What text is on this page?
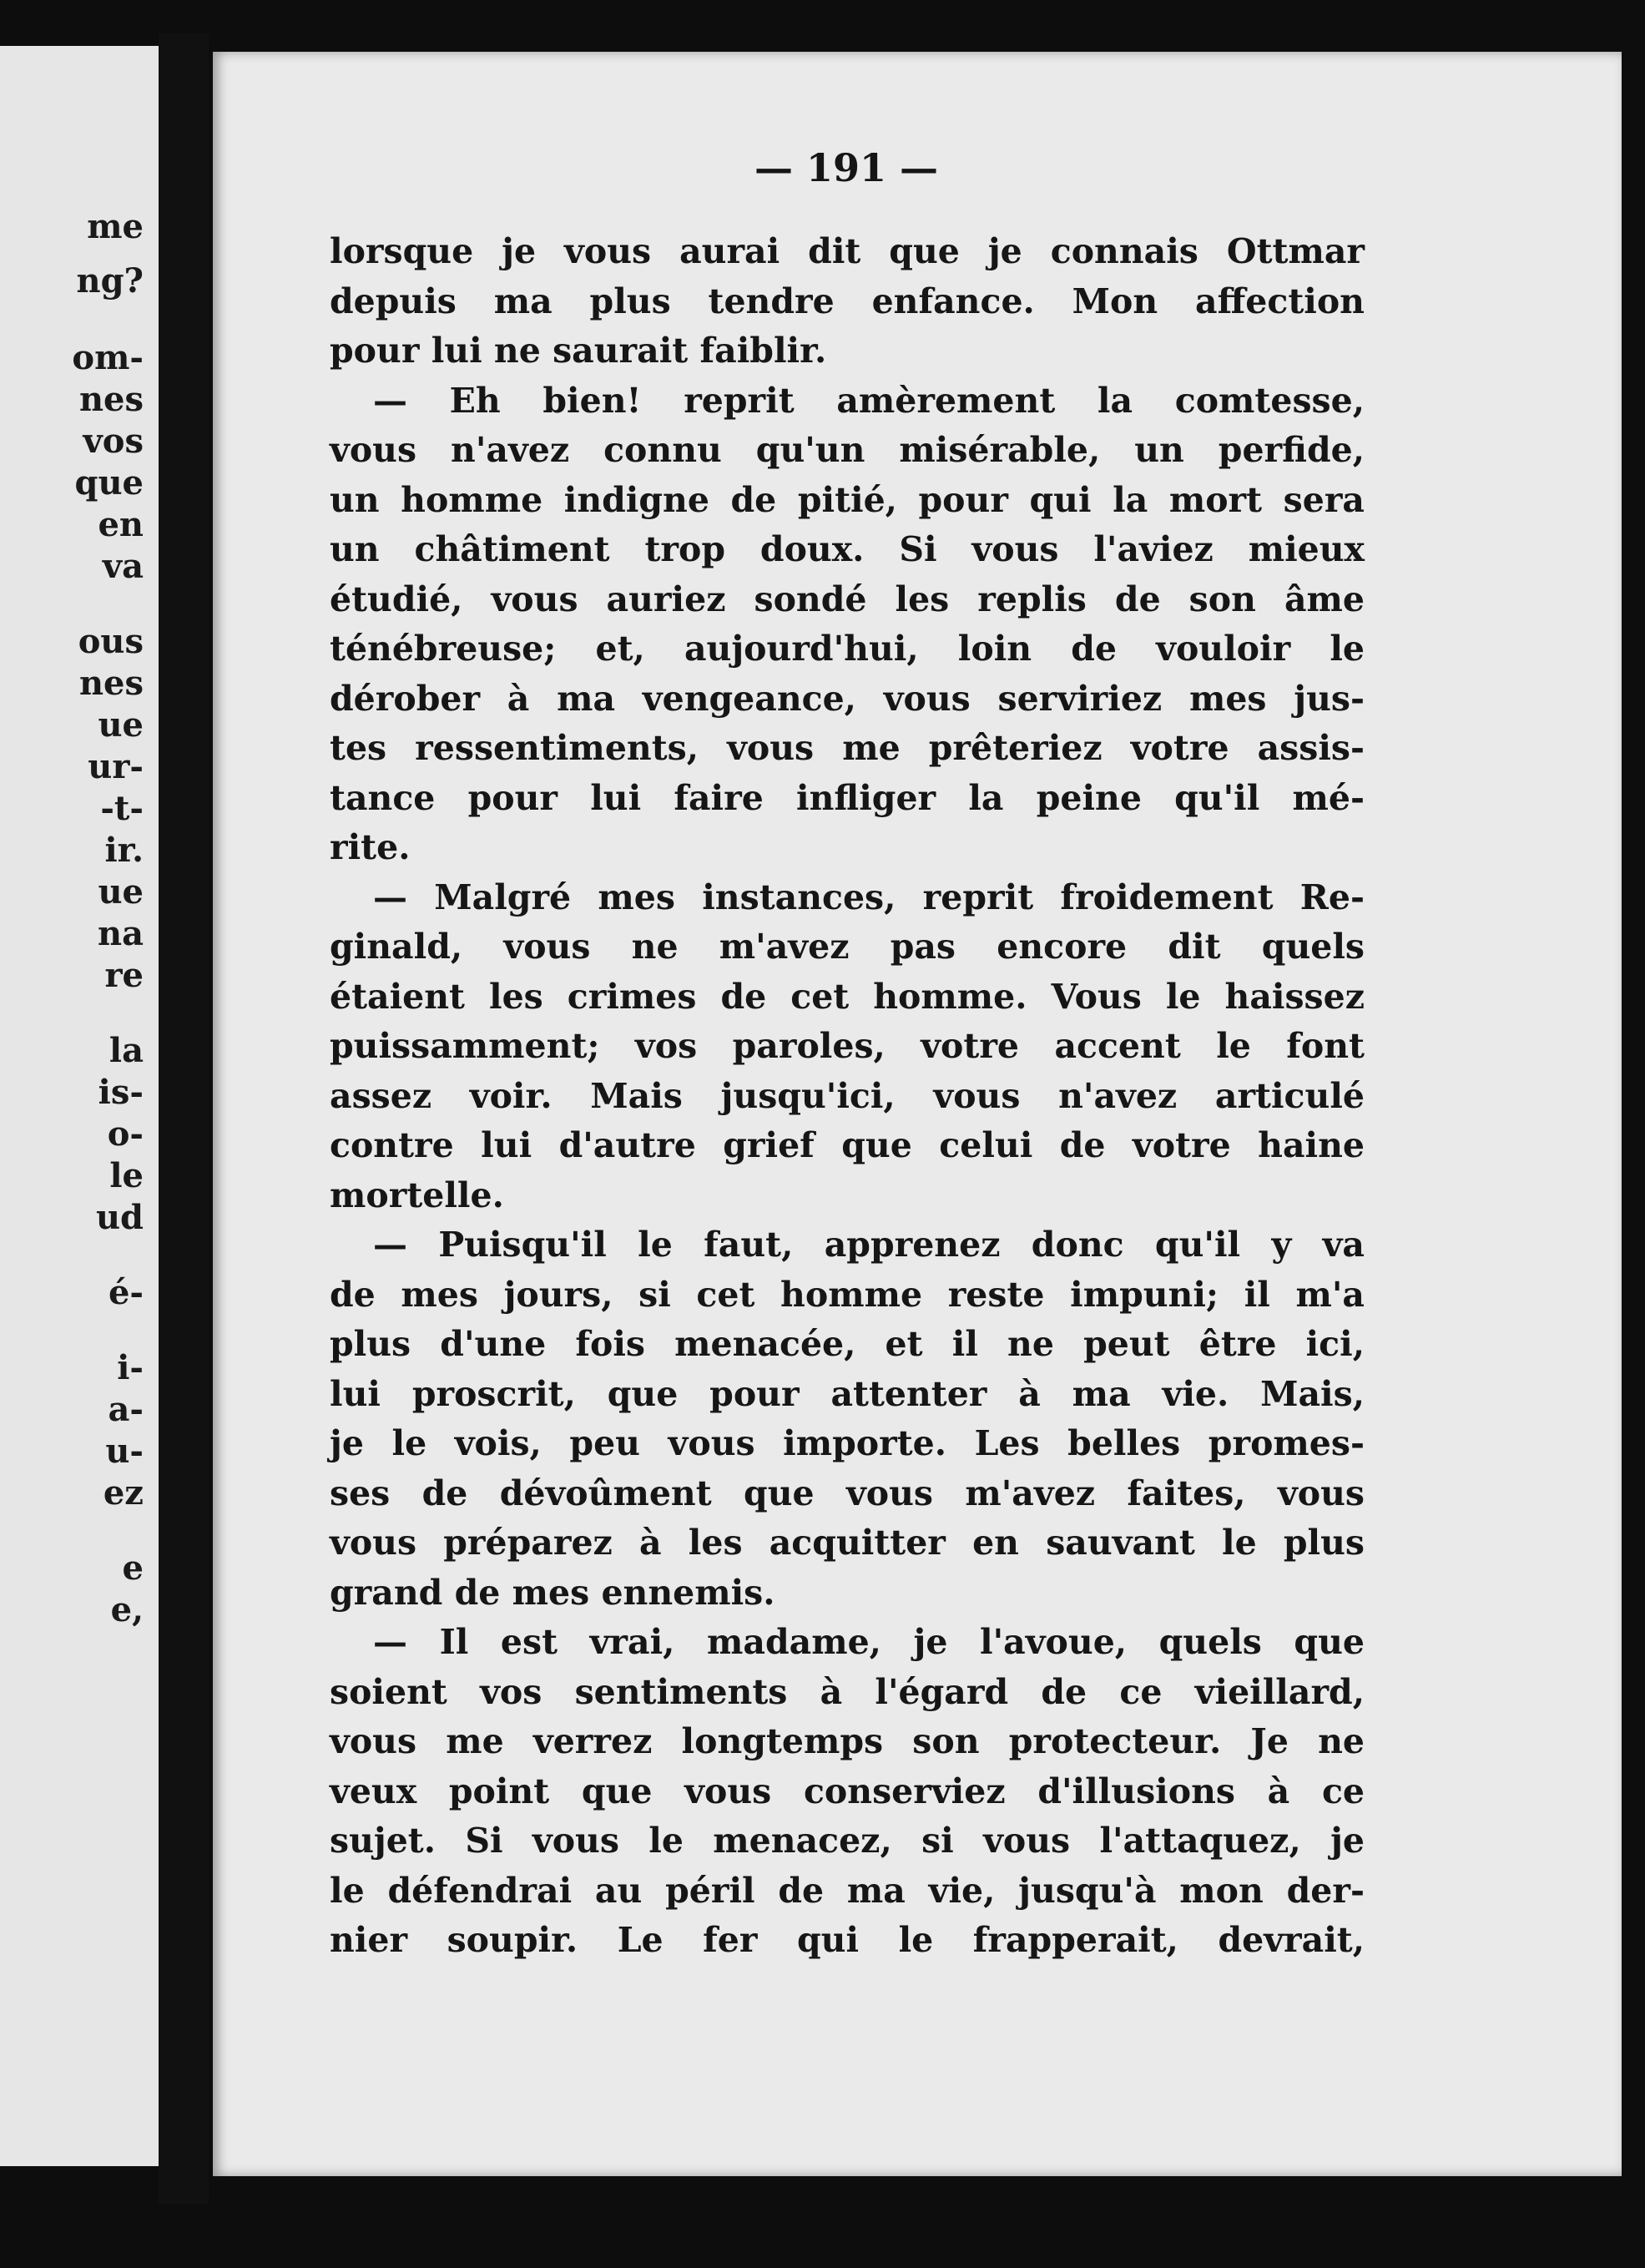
me
ng?
om-
nes
vos
que
en
va
ous
nes
ue
ur-
-t-
ir.
ue
na
re
la
is-
o-
le
ud
é-
i-
a-
u-
ez
e
e,
— 191 —
lorsque je vous aurai dit que je connais Ottmar
depuis ma plus tendre enfance. Mon affection
pour lui ne saurait faiblir.
— Eh bien! reprit amèrement la comtesse,
vous n'avez connu qu'un misérable, un perfide,
un homme indigne de pitié, pour qui la mort sera
un châtiment trop doux. Si vous l'aviez mieux
étudié, vous auriez sondé les replis de son âme
ténébreuse; et, aujourd'hui, loin de vouloir le
dérober à ma vengeance, vous serviriez mes jus-
tes ressentiments, vous me prêteriez votre assis-
tance pour lui faire infliger la peine qu'il mé-
rite.
— Malgré mes instances, reprit froidement Re-
ginald, vous ne m'avez pas encore dit quels
étaient les crimes de cet homme. Vous le haissez
puissamment; vos paroles, votre accent le font
assez voir. Mais jusqu'ici, vous n'avez articulé
contre lui d'autre grief que celui de votre haine
mortelle.
— Puisqu'il le faut, apprenez donc qu'il y va
de mes jours, si cet homme reste impuni; il m'a
plus d'une fois menacée, et il ne peut être ici,
lui proscrit, que pour attenter à ma vie. Mais,
je le vois, peu vous importe. Les belles promes-
ses de dévoûment que vous m'avez faites, vous
vous préparez à les acquitter en sauvant le plus
grand de mes ennemis.
— Il est vrai, madame, je l'avoue, quels que
soient vos sentiments à l'égard de ce vieillard,
vous me verrez longtemps son protecteur. Je ne
veux point que vous conserviez d'illusions à ce
sujet. Si vous le menacez, si vous l'attaquez, je
le défendrai au péril de ma vie, jusqu'à mon der-
nier soupir. Le fer qui le frapperait, devrait,
